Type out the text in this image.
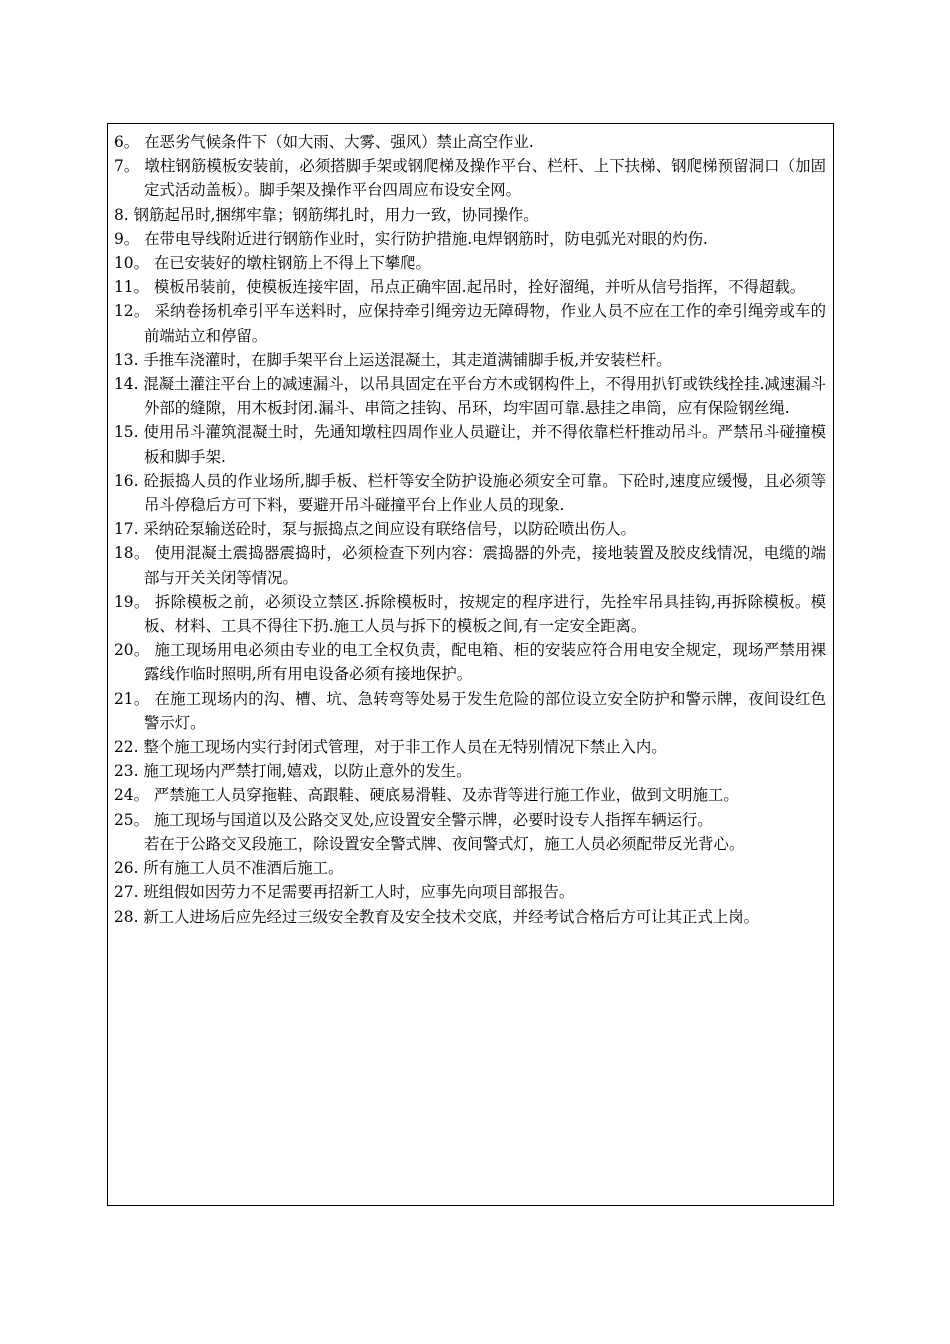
6。 在恶劣气候条件下（如大雨、大雾、强风）禁止高空作业.

7。 墩柱钢筋模板安装前，必须搭脚手架或钢爬梯及操作平台、栏杆、上下扶梯、钢爬梯预留洞口（加固定式活动盖板）。脚手架及操作平台四周应布设安全网。

8. 钢筋起吊时,捆绑牢靠；钢筋绑扎时，用力一致，协同操作。

9。 在带电导线附近进行钢筋作业时，实行防护措施.电焊钢筋时，防电弧光对眼的灼伤.

10。 在已安装好的墩柱钢筋上不得上下攀爬。

11。 模板吊装前，使模板连接牢固，吊点正确牢固.起吊时，拴好溜绳，并听从信号指挥，不得超载。

12。 采纳卷扬机牵引平车送料时，应保持牵引绳旁边无障碍物，作业人员不应在工作的牵引绳旁或车的前端站立和停留。

13. 手推车浇灌时，在脚手架平台上运送混凝土，其走道满铺脚手板,并安装栏杆。

14. 混凝土灌注平台上的减速漏斗，以吊具固定在平台方木或钢构件上，不得用扒钉或铁线拴挂.减速漏斗外部的缝隙，用木板封闭.漏斗、串筒之挂钩、吊环，均牢固可靠.悬挂之串筒，应有保险钢丝绳.

15. 使用吊斗灌筑混凝土时，先通知墩柱四周作业人员避让，并不得依靠栏杆推动吊斗。严禁吊斗碰撞模板和脚手架.

16. 砼振捣人员的作业场所,脚手板、栏杆等安全防护设施必须安全可靠。下砼时,速度应缓慢，且必须等吊斗停稳后方可下料，要避开吊斗碰撞平台上作业人员的现象.

17. 采纳砼泵输送砼时，泵与振捣点之间应设有联络信号，以防砼喷出伤人。

18。 使用混凝土震捣器震捣时，必须检查下列内容：震捣器的外壳，接地装置及胶皮线情况，电缆的端部与开关关闭等情况。

19。 拆除模板之前，必须设立禁区.拆除模板时，按规定的程序进行，先拴牢吊具挂钩,再拆除模板。模板、材料、工具不得往下扔.施工人员与拆下的模板之间,有一定安全距离。

20。 施工现场用电必须由专业的电工全权负责，配电箱、柜的安装应符合用电安全规定，现场严禁用裸露线作临时照明,所有用电设备必须有接地保护。

21。 在施工现场内的沟、槽、坑、急转弯等处易于发生危险的部位设立安全防护和警示牌，夜间设红色警示灯。

22. 整个施工现场内实行封闭式管理，对于非工作人员在无特别情况下禁止入内。

23. 施工现场内严禁打闹,嬉戏，以防止意外的发生。

24。 严禁施工人员穿拖鞋、高跟鞋、硬底易滑鞋、及赤背等进行施工作业，做到文明施工。

25。 施工现场与国道以及公路交叉处,应设置安全警示牌，必要时设专人指挥车辆运行。

若在于公路交叉段施工，除设置安全警式牌、夜间警式灯，施工人员必须配带反光背心。

26. 所有施工人员不准酒后施工。

27. 班组假如因劳力不足需要再招新工人时，应事先向项目部报告。

28. 新工人进场后应先经过三级安全教育及安全技术交底，并经考试合格后方可让其正式上岗。
